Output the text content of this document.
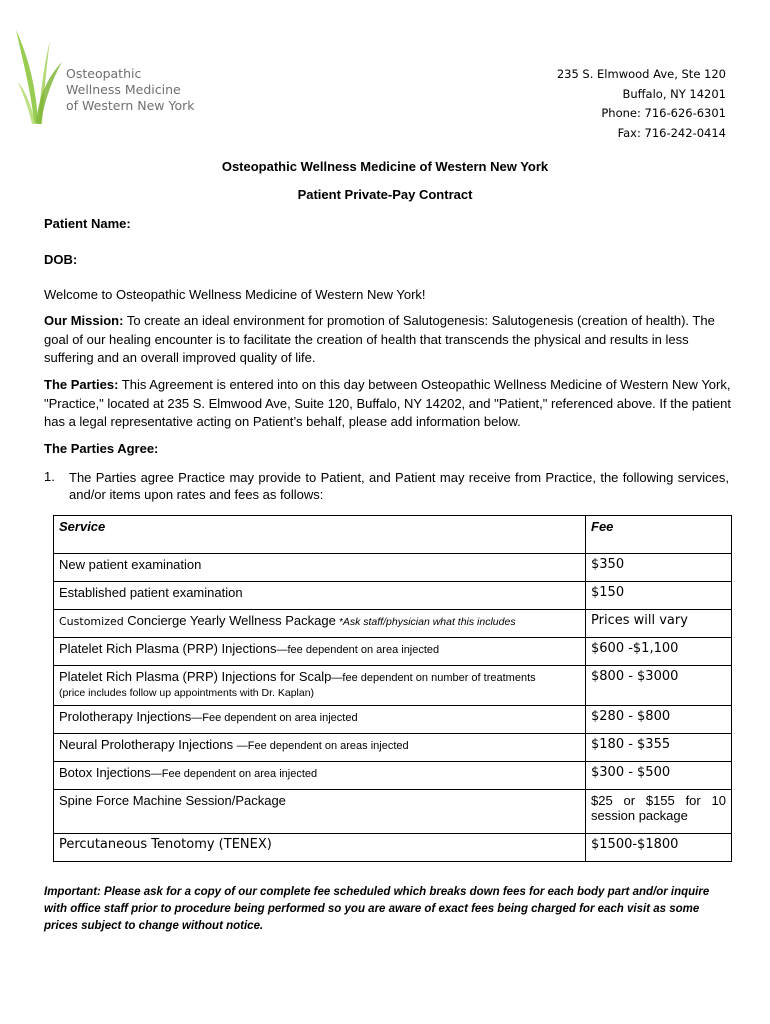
Osteopathic
Wellness Medicine
of Western New York
235 S. Elmwood Ave, Ste 120
Buffalo, NY 14201
Phone: 716-626-6301
Fax: 716-242-0414
Osteopathic Wellness Medicine of Western New York
Patient Private-Pay Contract
Patient Name:
DOB:
Welcome to Osteopathic Wellness Medicine of Western New York!
Our Mission: To create an ideal environment for promotion of Salutogenesis: Salutogenesis (creation of health). The goal of our healing encounter is to facilitate the creation of health that transcends the physical and results in less suffering and an overall improved quality of life.
The Parties: This Agreement is entered into on this day between Osteopathic Wellness Medicine of Western New York, "Practice," located at 235 S. Elmwood Ave, Suite 120, Buffalo, NY 14202, and "Patient," referenced above. If the patient has a legal representative acting on Patient’s behalf, please add information below.
The Parties Agree:
1. The Parties agree Practice may provide to Patient, and Patient may receive from Practice, the following services, and/or items upon rates and fees as follows:
Service	Fee
New patient examination	$350
Established patient examination	$150
Customized Concierge Yearly Wellness Package *Ask staff/physician what this includes	Prices will vary
Platelet Rich Plasma (PRP) Injections—fee dependent on area injected	$600 -$1,100
Platelet Rich Plasma (PRP) Injections for Scalp—fee dependent on number of treatments
(price includes follow up appointments with Dr. Kaplan)	$800 - $3000
Prolotherapy Injections—Fee dependent on area injected	$280 - $800
Neural Prolotherapy Injections —Fee dependent on areas injected	$180 - $355
Botox Injections—Fee dependent on area injected	$300 - $500
Spine Force Machine Session/Package	$25 or $155 for 10 session package
Percutaneous Tenotomy (TENEX)	$1500-$1800
Important: Please ask for a copy of our complete fee scheduled which breaks down fees for each body part and/or inquire with office staff prior to procedure being performed so you are aware of exact fees being charged for each visit as some prices subject to change without notice.
